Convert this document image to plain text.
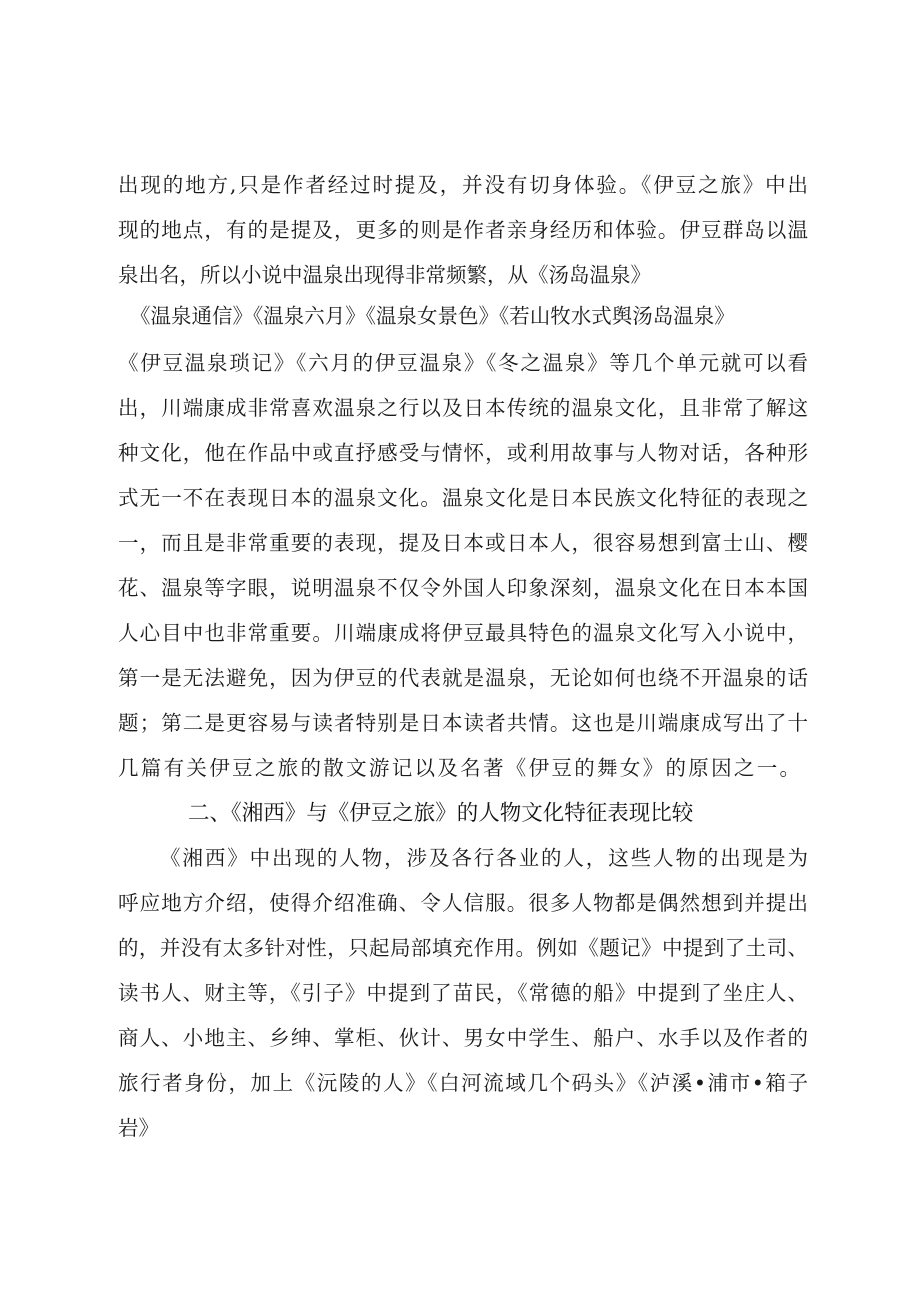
出现的地方,只是作者经过时提及，并没有切身体验。《伊豆之旅》中出
现的地点，有的是提及，更多的则是作者亲身经历和体验。伊豆群岛以温
泉出名，所以小说中温泉出现得非常频繁，从《汤岛温泉》
《温泉通信》《温泉六月》《温泉女景色》《若山牧水式舆汤岛温泉》
《伊豆温泉琐记》《六月的伊豆温泉》《冬之温泉》等几个单元就可以看
出，川端康成非常喜欢温泉之行以及日本传统的温泉文化，且非常了解这
种文化，他在作品中或直抒感受与情怀，或利用故事与人物对话，各种形
式无一不在表现日本的温泉文化。温泉文化是日本民族文化特征的表现之
一，而且是非常重要的表现，提及日本或日本人，很容易想到富士山、樱
花、温泉等字眼，说明温泉不仅令外国人印象深刻，温泉文化在日本本国
人心目中也非常重要。川端康成将伊豆最具特色的温泉文化写入小说中，
第一是无法避免，因为伊豆的代表就是温泉，无论如何也绕不开温泉的话
题；第二是更容易与读者特别是日本读者共情。这也是川端康成写出了十
几篇有关伊豆之旅的散文游记以及名著《伊豆的舞女》的原因之一。
二、《湘西》与《伊豆之旅》的人物文化特征表现比较
《湘西》中出现的人物，涉及各行各业的人，这些人物的出现是为
呼应地方介绍，使得介绍准确、令人信服。很多人物都是偶然想到并提出
的，并没有太多针对性，只起局部填充作用。例如《题记》中提到了土司、
读书人、财主等，《引子》中提到了苗民，《常德的船》中提到了坐庄人、
商人、小地主、乡绅、掌柜、伙计、男女中学生、船户、水手以及作者的
旅行者身份，加上《沅陵的人》《白河流域几个码头》《泸溪•浦市•箱子
岩》
